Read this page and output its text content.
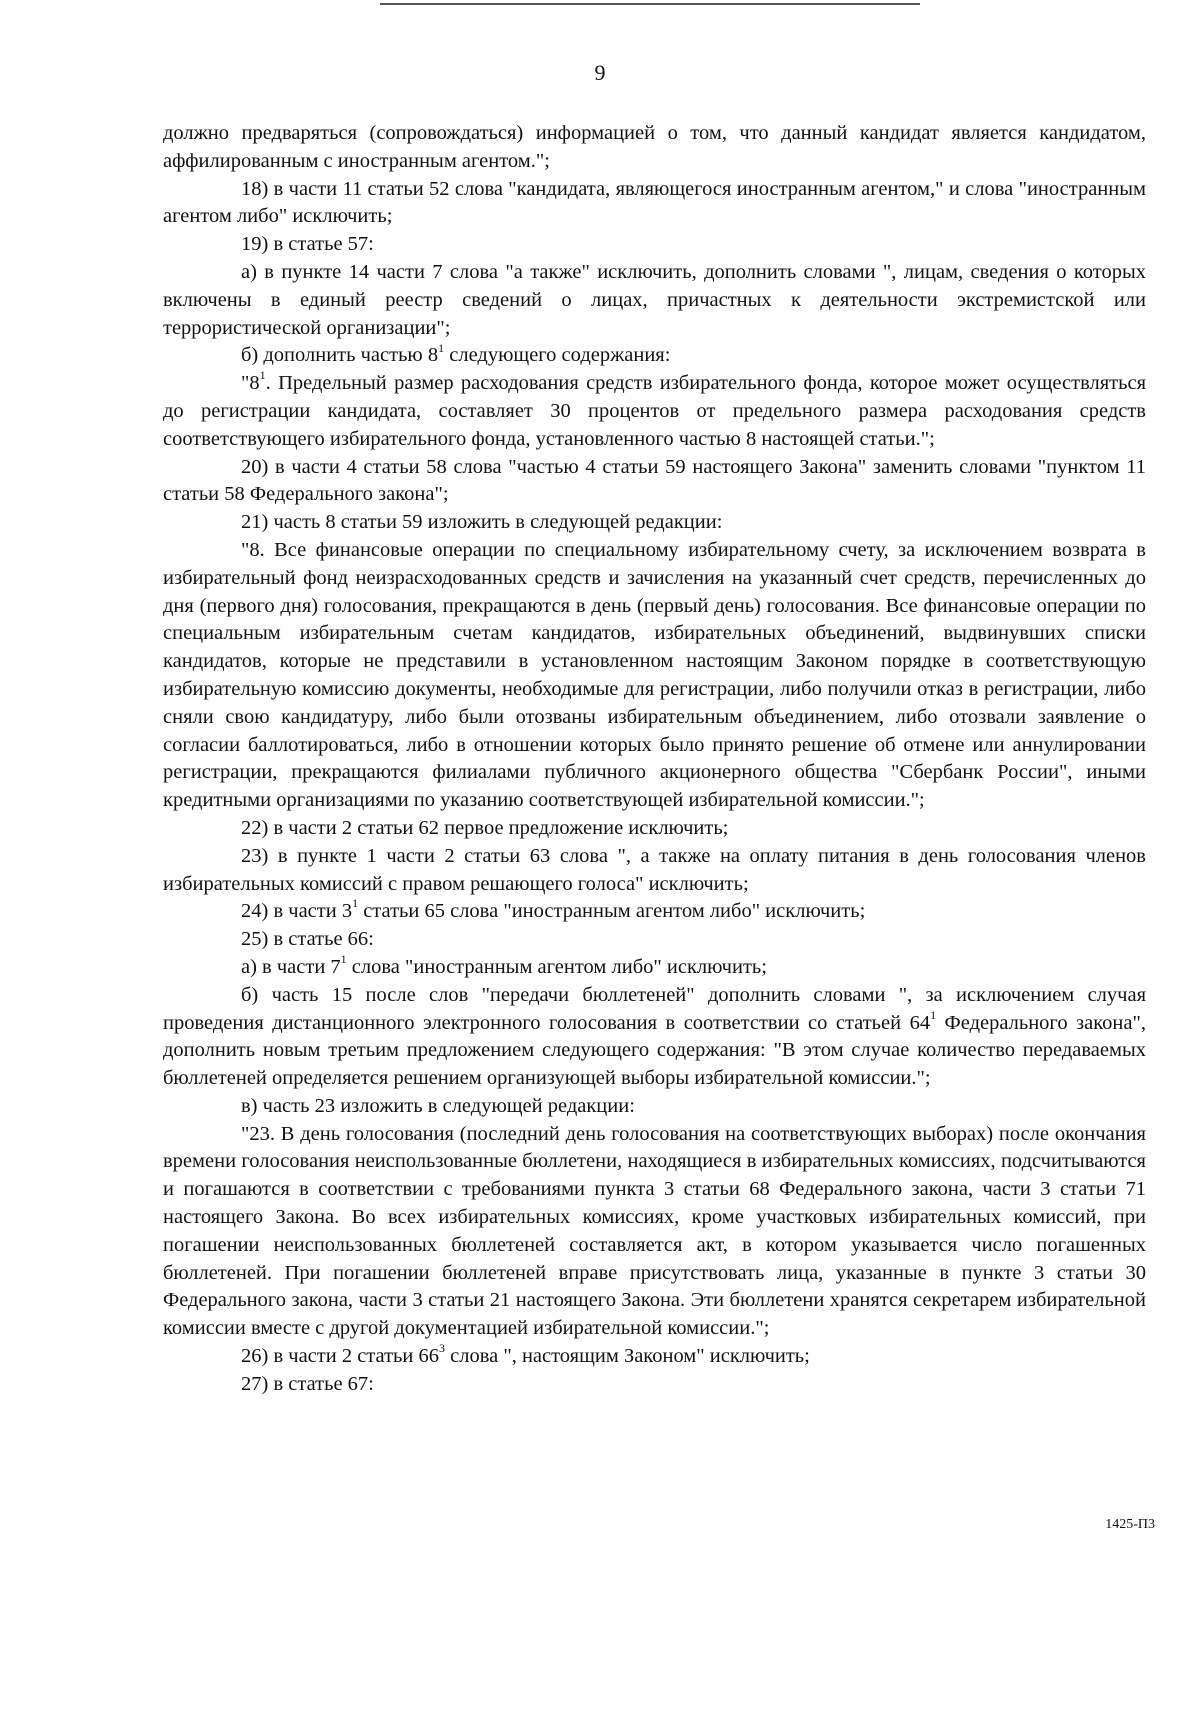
9

должно предваряться (сопровождаться) информацией о том, что данный кандидат является кандидатом, аффилированным с иностранным агентом.";

18) в части 11 статьи 52 слова "кандидата, являющегося иностранным агентом," и слова "иностранным агентом либо" исключить;

19) в статье 57:

а) в пункте 14 части 7 слова "а также" исключить, дополнить словами ", лицам, сведения о которых включены в единый реестр сведений о лицах, причастных к деятельности экстремистской или террористической организации";

б) дополнить частью $8^1$ следующего содержания:

"$8^1$. Предельный размер расходования средств избирательного фонда, которое может осуществляться до регистрации кандидата, составляет 30 процентов от предельного размера расходования средств соответствующего избирательного фонда, установленного частью 8 настоящей статьи.";

20) в части 4 статьи 58 слова "частью 4 статьи 59 настоящего Закона" заменить словами "пунктом 11 статьи 58 Федерального закона";

21) часть 8 статьи 59 изложить в следующей редакции:

"8. Все финансовые операции по специальному избирательному счету, за исключением возврата в избирательный фонд неизрасходованных средств и зачисления на указанный счет средств, перечисленных до дня (первого дня) голосования, прекращаются в день (первый день) голосования. Все финансовые операции по специальным избирательным счетам кандидатов, избирательных объединений, выдвинувших списки кандидатов, которые не представили в установленном настоящим Законом порядке в соответствующую избирательную комиссию документы, необходимые для регистрации, либо получили отказ в регистрации, либо сняли свою кандидатуру, либо были отозваны избирательным объединением, либо отозвали заявление о согласии баллотироваться, либо в отношении которых было принято решение об отмене или аннулировании регистрации, прекращаются филиалами публичного акционерного общества "Сбербанк России", иными кредитными организациями по указанию соответствующей избирательной комиссии.";

22) в части 2 статьи 62 первое предложение исключить;

23) в пункте 1 части 2 статьи 63 слова ", а также на оплату питания в день голосования членов избирательных комиссий с правом решающего голоса" исключить;

24) в части $3^1$ статьи 65 слова "иностранным агентом либо" исключить;

25) в статье 66:

а) в части $7^1$ слова "иностранным агентом либо" исключить;

б) часть 15 после слов "передачи бюллетеней" дополнить словами ", за исключением случая проведения дистанционного электронного голосования в соответствии со статьей $64^1$ Федерального закона", дополнить новым третьим предложением следующего содержания: "В этом случае количество передаваемых бюллетеней определяется решением организующей выборы избирательной комиссии.";

в) часть 23 изложить в следующей редакции:

"23. В день голосования (последний день голосования на соответствующих выборах) после окончания времени голосования неиспользованные бюллетени, находящиеся в избирательных комиссиях, подсчитываются и погашаются в соответствии с требованиями пункта 3 статьи 68 Федерального закона, части 3 статьи 71 настоящего Закона. Во всех избирательных комиссиях, кроме участковых избирательных комиссий, при погашении неиспользованных бюллетеней составляется акт, в котором указывается число погашенных бюллетеней. При погашении бюллетеней вправе присутствовать лица, указанные в пункте 3 статьи 30 Федерального закона, части 3 статьи 21 настоящего Закона. Эти бюллетени хранятся секретарем избирательной комиссии вместе с другой документацией избирательной комиссии.";

26) в части 2 статьи $66^3$ слова ", настоящим Законом" исключить;

27) в статье 67:

1425-П3
